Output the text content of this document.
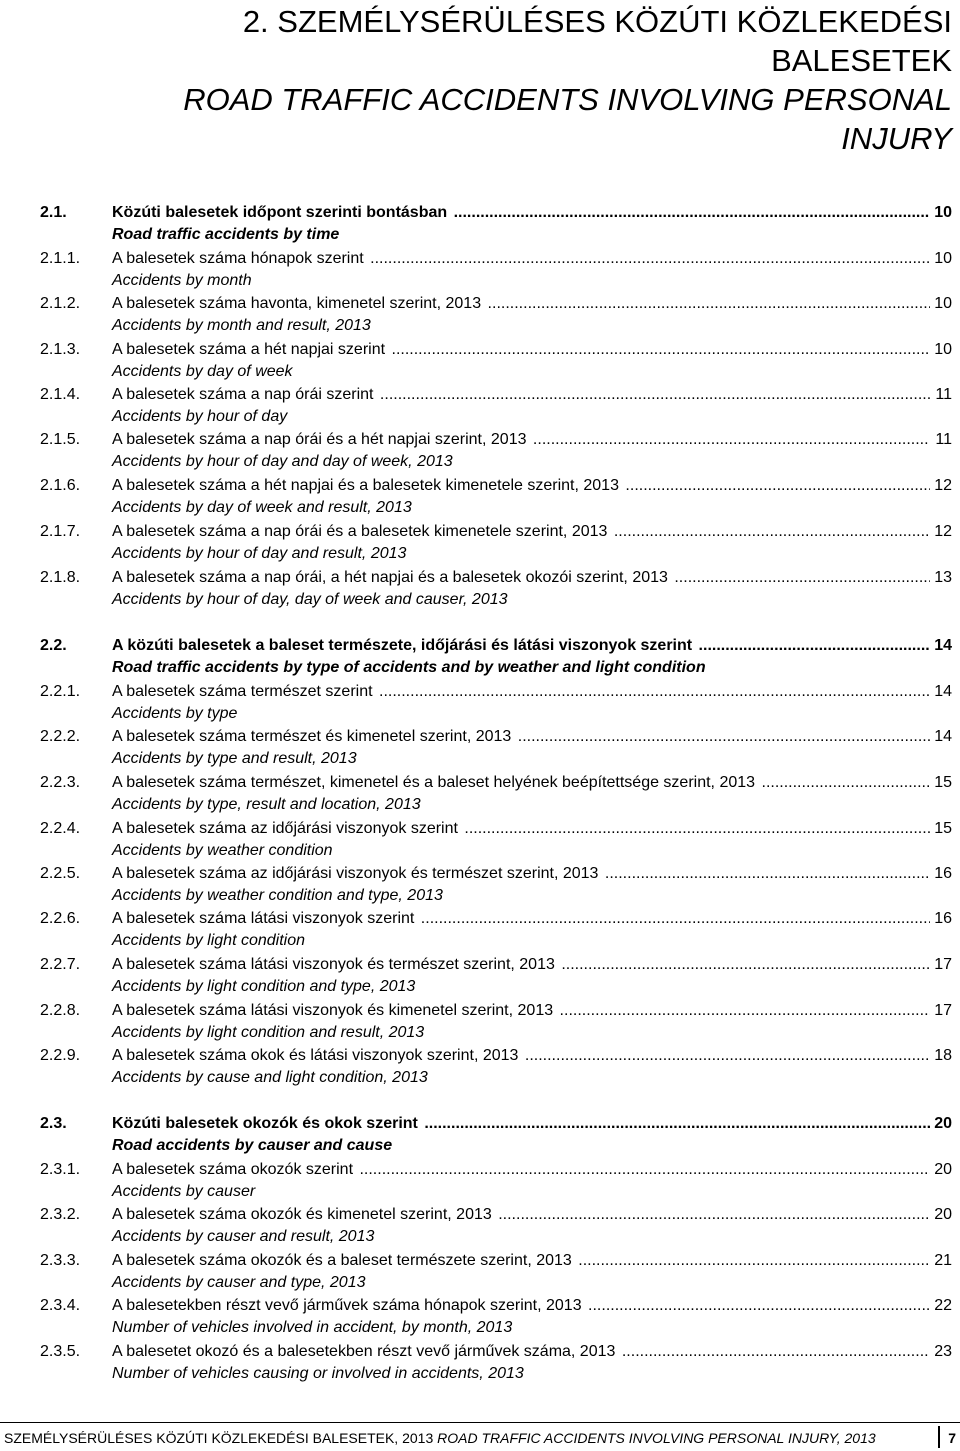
2. SZEMÉLYSÉRÜLÉSES KÖZÚTI KÖZLEKEDÉSI
BALESETEK
ROAD TRAFFIC ACCIDENTS INVOLVING PERSONAL
INJURY
2.1.	Közúti balesetek időpont szerinti bontásban .....	10
Road traffic accidents by time
2.1.1. A balesetek száma hónapok szerint .....	10
Accidents by month
2.1.2. A balesetek száma havonta, kimenetel szerint, 2013 .....	10
Accidents by month and result, 2013
2.1.3. A balesetek száma a hét napjai szerint .....	10
Accidents by day of week
2.1.4. A balesetek száma a nap órái szerint .....	11
Accidents by hour of day
2.1.5. A balesetek száma a nap órái és a hét napjai szerint, 2013 .....	11
Accidents by hour of day and day of week, 2013
2.1.6. A balesetek száma a hét napjai és a balesetek kimenetele szerint, 2013 .....	12
Accidents by day of week and result, 2013
2.1.7. A balesetek száma a nap órái és a balesetek kimenetele szerint, 2013 .....	12
Accidents by hour of day and result, 2013
2.1.8. A balesetek száma a nap órái, a hét napjai és a balesetek okozói szerint, 2013 .....	13
Accidents by hour of day, day of week and causer, 2013
2.2.	A közúti balesetek a baleset természete, időjárási és látási viszonyok szerint .....	14
Road traffic accidents by type of accidents and by weather and light condition
2.2.1. A balesetek száma természet szerint .....	14
Accidents by type
2.2.2. A balesetek száma természet és kimenetel szerint, 2013 .....	14
Accidents by type and result, 2013
2.2.3. A balesetek száma természet, kimenetel és a baleset helyének beépítettsége szerint, 2013 .....	15
Accidents by type, result and location, 2013
2.2.4. A balesetek száma az időjárási viszonyok szerint .....	15
Accidents by weather condition
2.2.5. A balesetek száma az időjárási viszonyok és természet szerint, 2013 .....	16
Accidents by weather condition and type, 2013
2.2.6. A balesetek száma látási viszonyok szerint .....	16
Accidents by light condition
2.2.7. A balesetek száma látási viszonyok és természet szerint, 2013 .....	17
Accidents by light condition and type, 2013
2.2.8. A balesetek száma látási viszonyok és kimenetel szerint, 2013 .....	17
Accidents by light condition and result, 2013
2.2.9. A balesetek száma okok és látási viszonyok szerint, 2013 .....	18
Accidents by cause and light condition, 2013
2.3.	Közúti balesetek okozók és okok szerint .....	20
Road accidents by causer and cause
2.3.1. A balesetek száma okozók szerint .....	20
Accidents by causer
2.3.2. A balesetek száma okozók és kimenetel szerint, 2013 .....	20
Accidents by causer and result, 2013
2.3.3. A balesetek száma okozók és a baleset természete szerint, 2013 .....	21
Accidents by causer and type, 2013
2.3.4. A balesetekben részt vevő járművek száma hónapok szerint, 2013 .....	22
Number of vehicles involved in accident, by month, 2013
2.3.5. A balesetet okozó és a balesetekben részt vevő járművek száma, 2013 .....	23
Number of vehicles causing or involved in accidents, 2013
SZEMÉLYSÉRÜLÉSES KÖZÚTI KÖZLEKEDÉSI BALESETEK, 2013 ROAD TRAFFIC ACCIDENTS INVOLVING PERSONAL INJURY, 2013	7
